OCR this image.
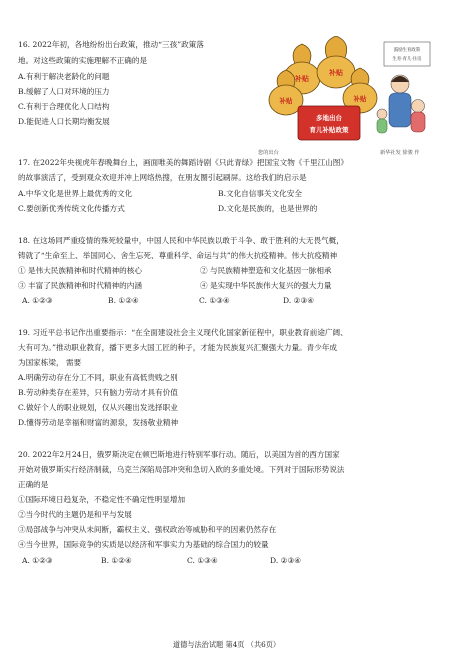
16. 2022年初，各地纷纷出台政策，推动“三孩”政策落
地。对这些政策的实施理解不正确的是
A.有利于解决老龄化的问题
B.缓解了人口对环境的压力
C.有利于合理优化人口结构
D.能促进人口长期均衡发展
补贴
补贴
补贴	补贴
多地出台
育儿补贴政策
鼓励生育政策
生育·育儿·住房
您的出台	新华社发 徐骏 作
17. 在2022年央视虎年春晚舞台上，画面唯美的舞蹈诗剧《只此青绿》把国宝文物《千里江山图》
的故事演活了，受到观众欢迎并冲上网络热搜，在朋友圈引起刷屏。这给我们的启示是
A.中华文化是世界上最优秀的文化	B.文化自信事关文化安全
C.要创新优秀传统文化传播方式	D.文化是民族的，也是世界的
18. 在这场同严重疫情的殊死较量中，中国人民和中华民族以敢于斗争、敢于胜利的大无畏气概，
铸就了“生命至上、举国同心、舍生忘死、尊重科学、命运与共”的伟大抗疫精神。伟大抗疫精神
① 是伟大民族精神和时代精神的核心	② 与民族精神塑造和文化基因一脉相承
③ 丰富了民族精神和时代精神的内涵	④ 是实现中华民族伟大复兴的强大力量
A. ①②③	B. ①②④	C. ①③④	D. ②③④
19. 习近平总书记作出重要指示：“在全面建设社会主义现代化国家新征程中，职业教育前途广阔、
大有可为。”推动职业教育，播下更多大国工匠的种子，才能为民族复兴汇聚强大力量。青少年成
为国家栋梁， 需要
A.明确劳动存在分工不同，职业有高低贵贱之别
B.劳动种类存在差异，只有脑力劳动才具有价值
C.做好个人的职业规划，仅从兴趣出发选择职业
D.懂得劳动是幸福和财富的源泉，发扬敬业精神
20. 2022年2月24日，俄罗斯决定在顿巴斯地进行特别军事行动。随后，以美国为首的西方国家
开始对俄罗斯实行经济制裁，乌克兰深陷局部冲突和急切入欧的多重处境。下列对于国际形势说法
正确的是
①国际环境日趋复杂，不稳定性不确定性明显增加
②当今时代的主题仍是和平与发展
③局部战争与冲突从未间断，霸权主义、强权政治等威胁和平的因素仍然存在
④当今世界，国际竞争的实质是以经济和军事实力为基础的综合国力的较量
A. ①②③	B. ①②④	C. ①③④	D. ②③④
道德与法治试题 第4页 （共6页）
